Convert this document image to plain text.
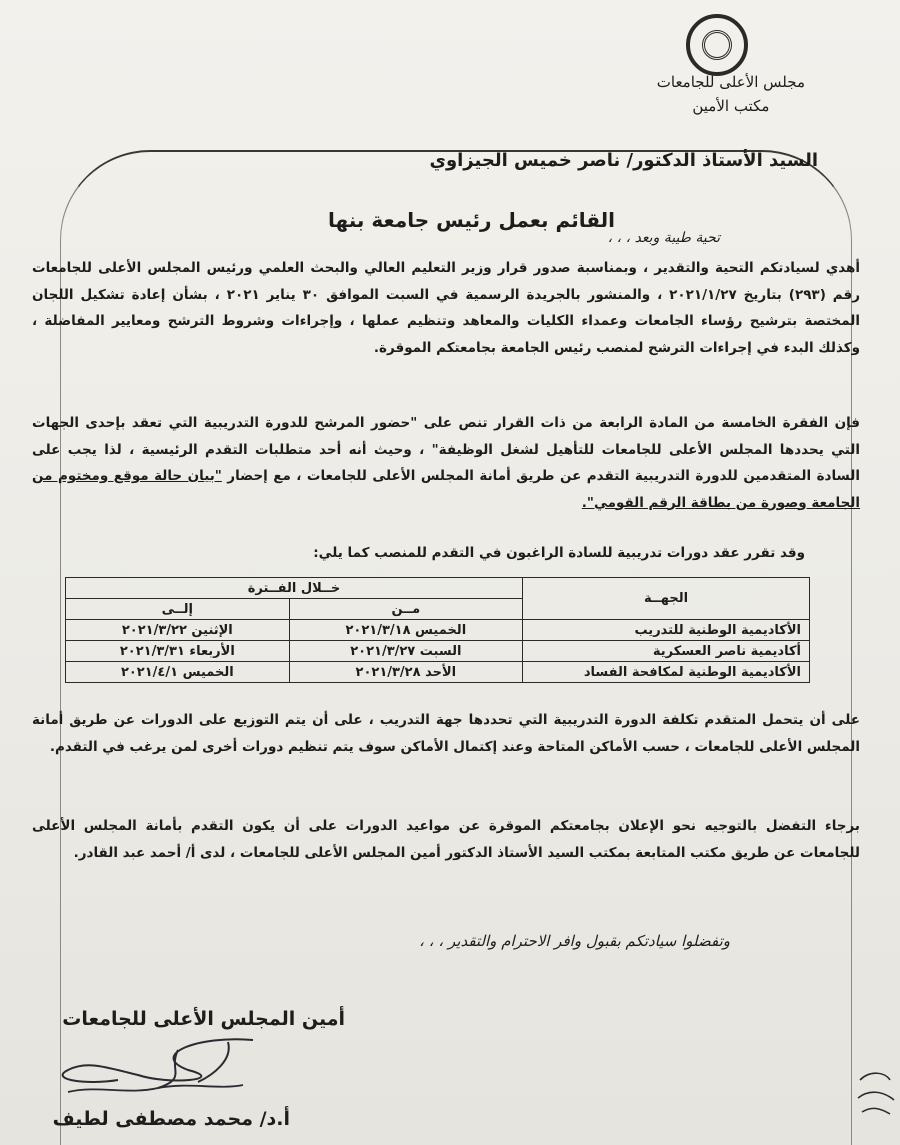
مجلس الأعلى للجامعات
مكتب الأمين
السيد الأستاذ الدكتور/ ناصر خميس الجيزاوي
القائم بعمل رئيس جامعة بنها
تحية طيبة وبعد ، ، ،
أهدي لسيادتكم التحية والتقدير ، وبمناسبة صدور قرار وزير التعليم العالي والبحث العلمي ورئيس المجلس الأعلى للجامعات رقم (٢٩٣) بتاريخ ٢٠٢١/١/٢٧ ، والمنشور بالجريدة الرسمية في السبت الموافق ٣٠ يناير ٢٠٢١ ، بشأن إعادة تشكيل اللجان المختصة بترشيح رؤساء الجامعات وعمداء الكليات والمعاهد وتنظيم عملها ، وإجراءات وشروط الترشح ومعايير المفاضلة ، وكذلك البدء في إجراءات الترشح لمنصب رئيس الجامعة بجامعتكم الموقرة.
فإن الفقرة الخامسة من المادة الرابعة من ذات القرار تنص على "حضور المرشح للدورة التدريبية التي تعقد بإحدى الجهات التي يحددها المجلس الأعلى للجامعات للتأهيل لشغل الوظيفة" ، وحيث أنه أحد متطلبات التقدم الرئيسية ، لذا يجب على السادة المتقدمين للدورة التدريبية التقدم عن طريق أمانة المجلس الأعلى للجامعات ، مع إحضار "بيان حالة موقع ومختوم من الجامعة وصورة من بطاقة الرقم القومي".
وقد تقرر عقد دورات تدريبية للسادة الراغبون في التقدم للمنصب كما يلي:
الجهــة	خــلال الفــترة	
	مــن	إلــى
الأكاديمية الوطنية للتدريب	الخميس ٢٠٢١/٣/١٨	الإثنين ٢٠٢١/٣/٢٢
أكاديمية ناصر العسكرية	السبت ٢٠٢١/٣/٢٧	الأربعاء ٢٠٢١/٣/٣١
الأكاديمية الوطنية لمكافحة الفساد	الأحد ٢٠٢١/٣/٢٨	الخميس ٢٠٢١/٤/١
على أن يتحمل المتقدم تكلفة الدورة التدريبية التي تحددها جهة التدريب ، على أن يتم التوزيع على الدورات عن طريق أمانة المجلس الأعلى للجامعات ، حسب الأماكن المتاحة وعند إكتمال الأماكن سوف يتم تنظيم دورات أخرى لمن يرغب في التقدم.
برجاء التفضل بالتوجيه نحو الإعلان بجامعتكم الموقرة عن مواعيد الدورات على أن يكون التقدم بأمانة المجلس الأعلى للجامعات عن طريق مكتب المتابعة بمكتب السيد الأستاذ الدكتور أمين المجلس الأعلى للجامعات ، لدى أ/ أحمد عبد القادر.
وتفضلوا سيادتكم بقبول وافر الاحترام والتقدير ، ، ،
أمين المجلس الأعلى للجامعات
أ.د/ محمد مصطفى لطيف
